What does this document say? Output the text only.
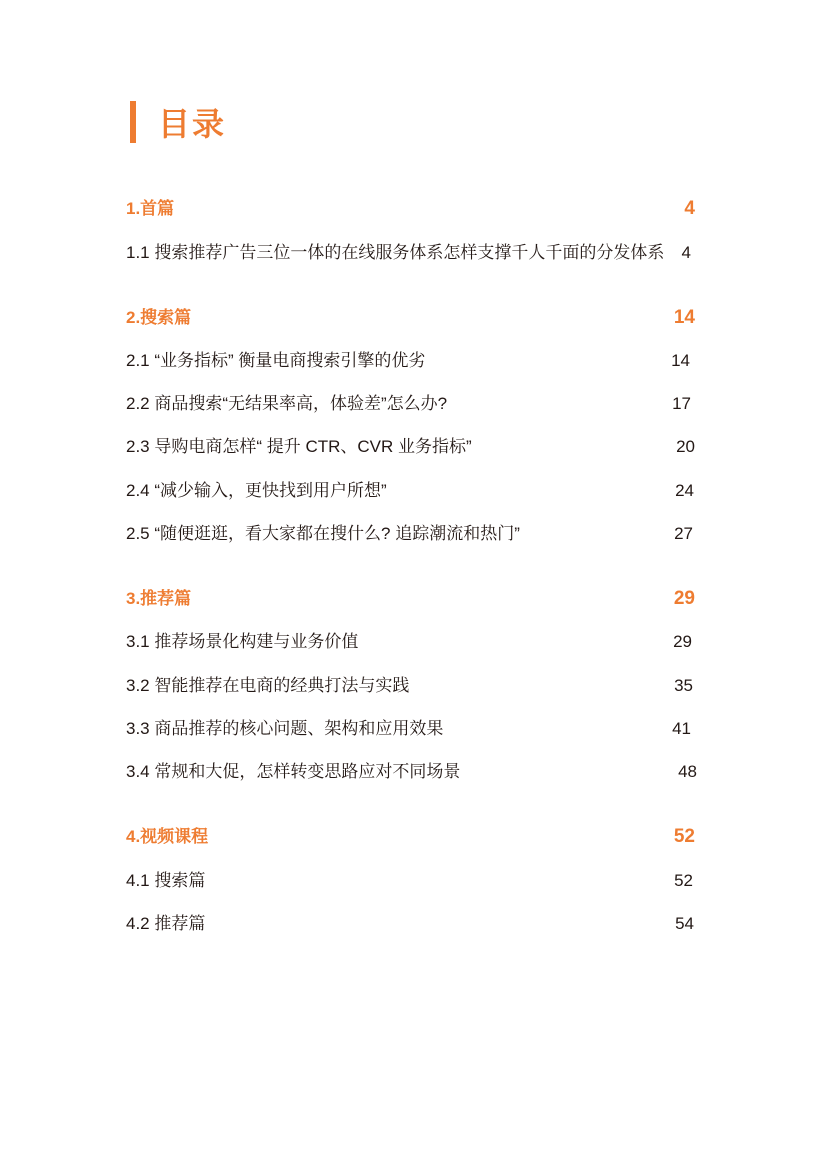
目录
1.首篇	4
1.1 搜索推荐广告三位一体的在线服务体系怎样支撑千人千面的分发体系 4
2.搜索篇	14
2.1 “业务指标” 衡量电商搜索引擎的优劣	14
2.2 商品搜索“无结果率高，体验差”怎么办?	17
2.3 导购电商怎样“ 提升 CTR、CVR 业务指标”	20
2.4 “减少输入，更快找到用户所想”	24
2.5 “随便逛逛，看大家都在搜什么? 追踪潮流和热门”	27
3.推荐篇	29
3.1 推荐场景化构建与业务价值	29
3.2 智能推荐在电商的经典打法与实践	35
3.3 商品推荐的核心问题、架构和应用效果	41
3.4 常规和大促，怎样转变思路应对不同场景	48
4.视频课程	52
4.1 搜索篇	52
4.2 推荐篇	54
